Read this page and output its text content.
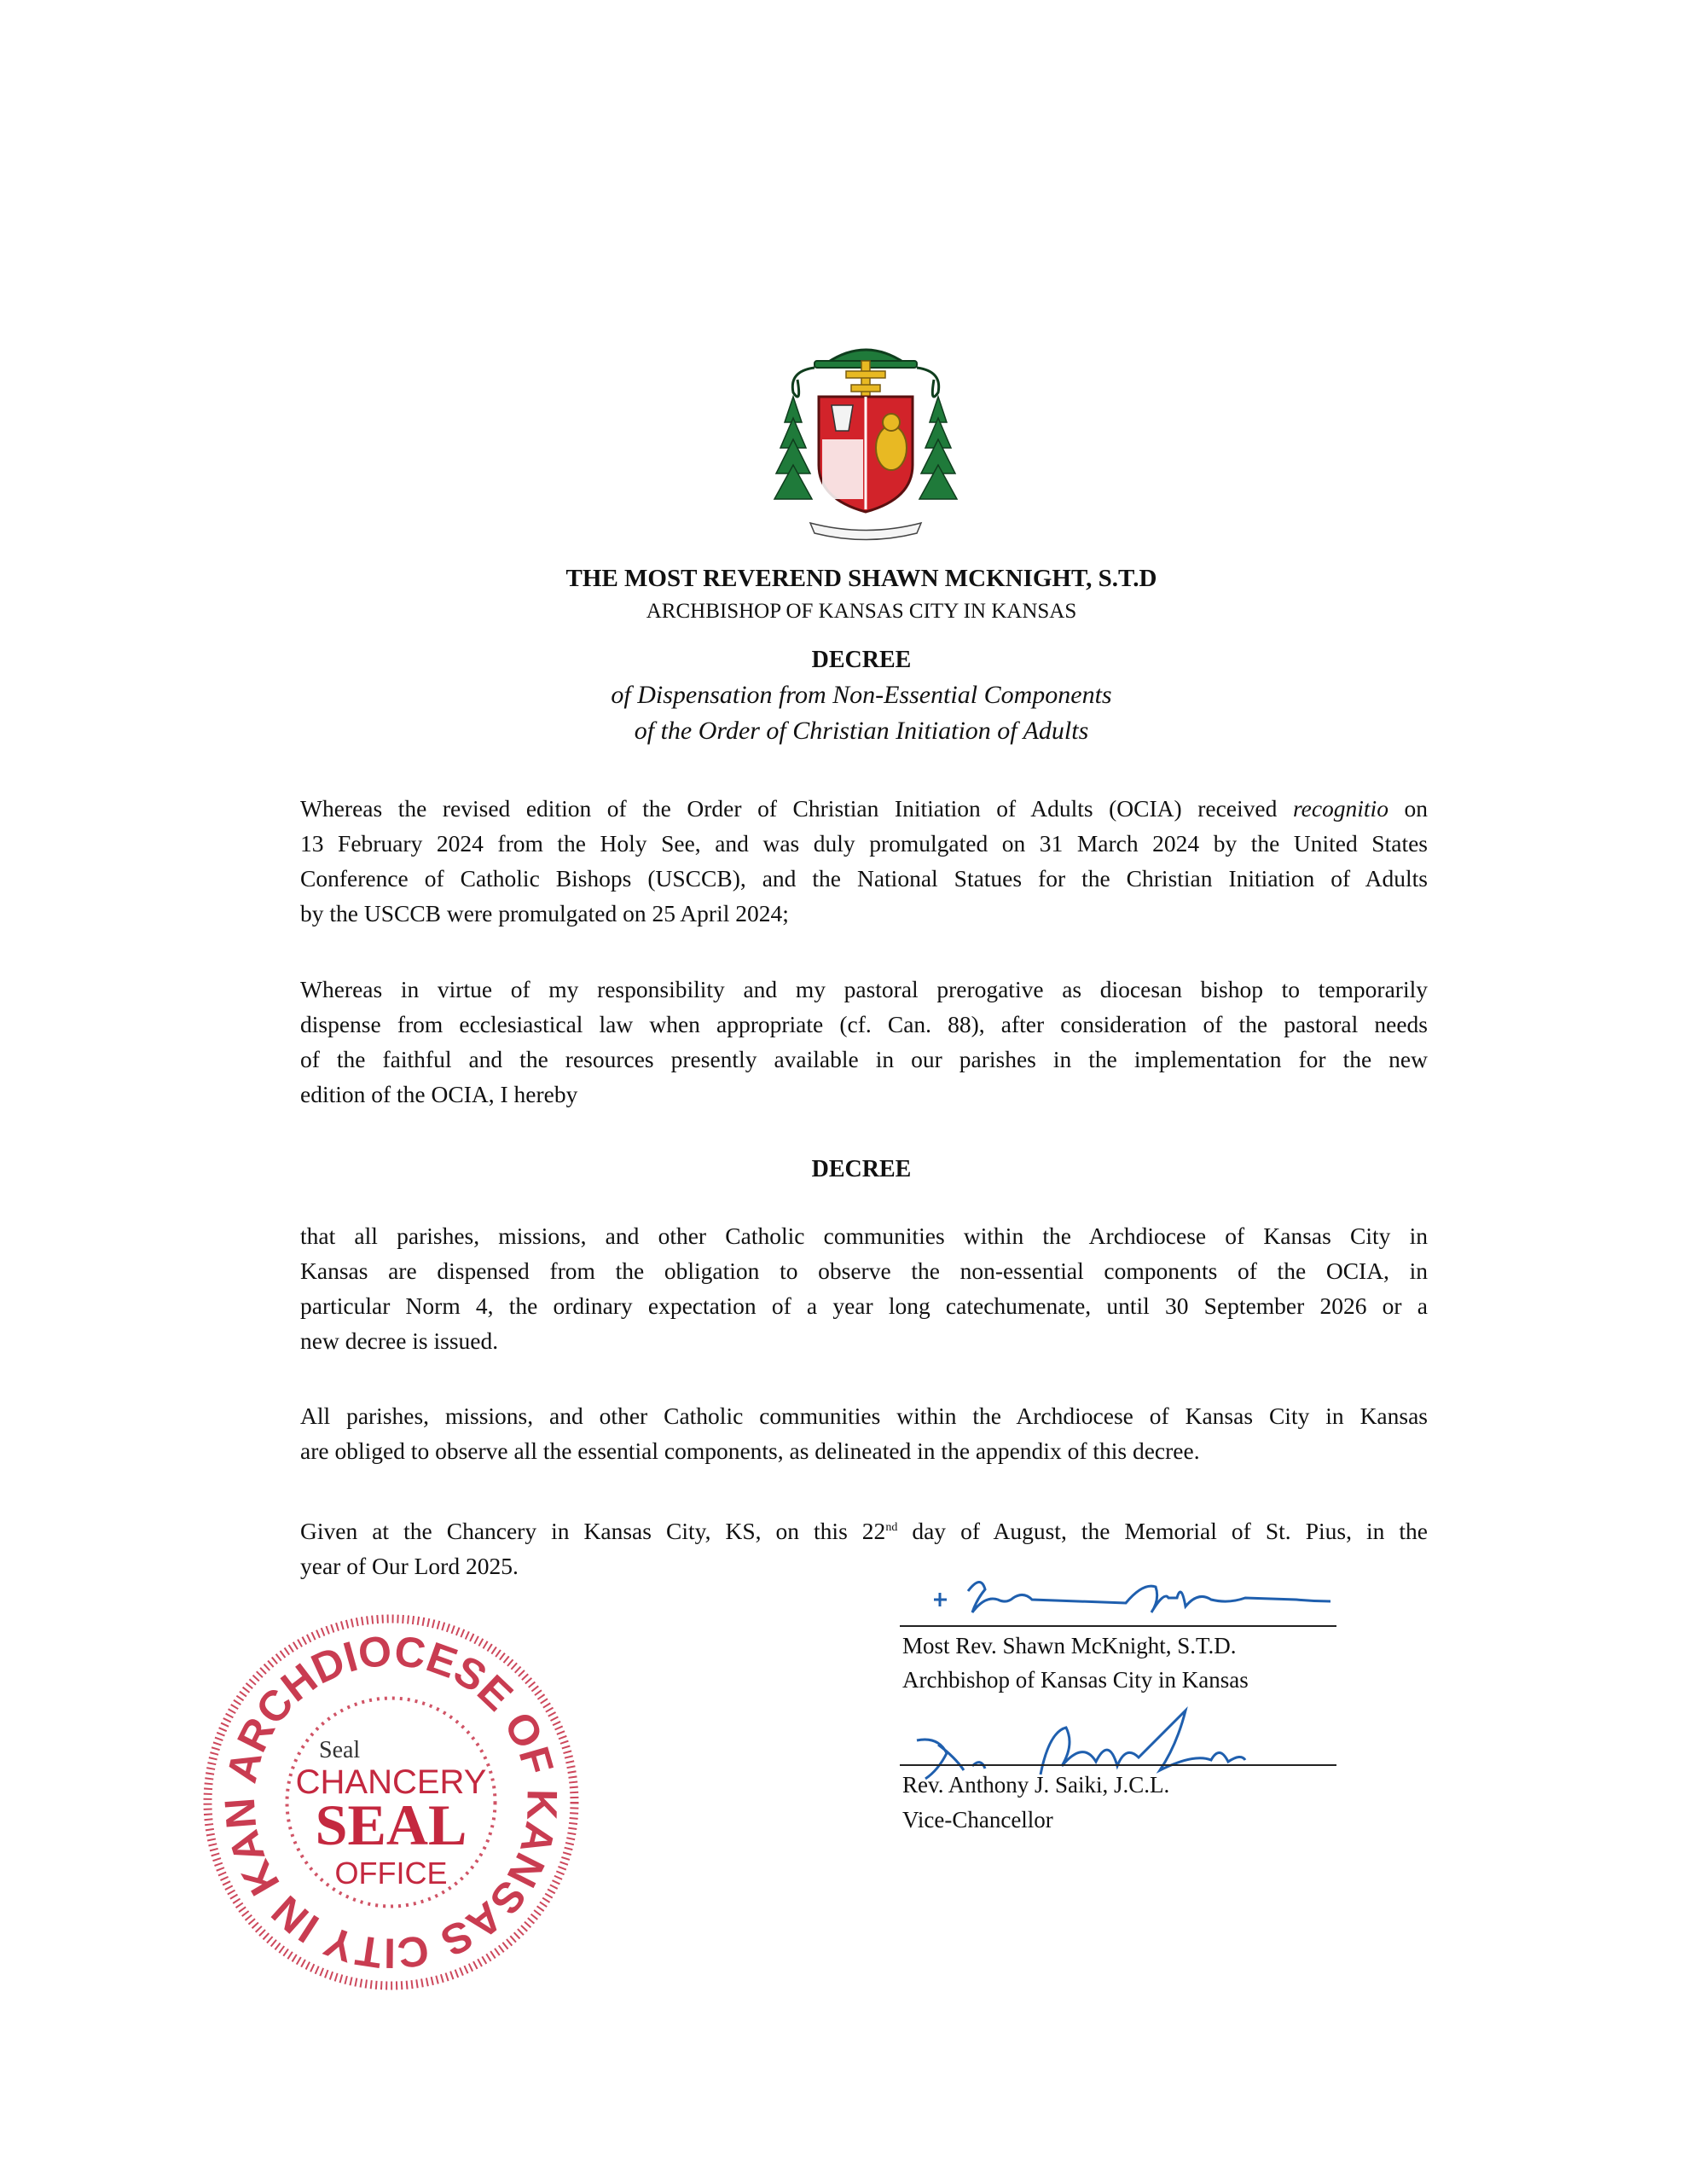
THE MOST REVEREND SHAWN MCKNIGHT, S.T.D
ARCHBISHOP OF KANSAS CITY IN KANSAS
DECREE
of Dispensation from Non-Essential Components
of the Order of Christian Initiation of Adults
Whereas the revised edition of the Order of Christian Initiation of Adults (OCIA) received recognitio on
13 February 2024 from the Holy See, and was duly promulgated on 31 March 2024 by the United States
Conference of Catholic Bishops (USCCB), and the National Statues for the Christian Initiation of Adults
by the USCCB were promulgated on 25 April 2024;
Whereas in virtue of my responsibility and my pastoral prerogative as diocesan bishop to temporarily
dispense from ecclesiastical law when appropriate (cf. Can. 88), after consideration of the pastoral needs
of the faithful and the resources presently available in our parishes in the implementation for the new
edition of the OCIA, I hereby
DECREE
that all parishes, missions, and other Catholic communities within the Archdiocese of Kansas City in
Kansas are dispensed from the obligation to observe the non-essential components of the OCIA, in
particular Norm 4, the ordinary expectation of a year long catechumenate, until 30 September 2026 or a
new decree is issued.
All parishes, missions, and other Catholic communities within the Archdiocese of Kansas City in Kansas
are obliged to observe all the essential components, as delineated in the appendix of this decree.
Given at the Chancery in Kansas City, KS, on this 22nd day of August, the Memorial of St. Pius, in the
year of Our Lord 2025.
Most Rev. Shawn McKnight, S.T.D.
Archbishop of Kansas City in Kansas
Rev. Anthony J. Saiki, J.C.L.
Vice-Chancellor
ARCHDIOCESE OF KANSAS CITY IN KAN
Seal
CHANCERY
SEAL
OFFICE
